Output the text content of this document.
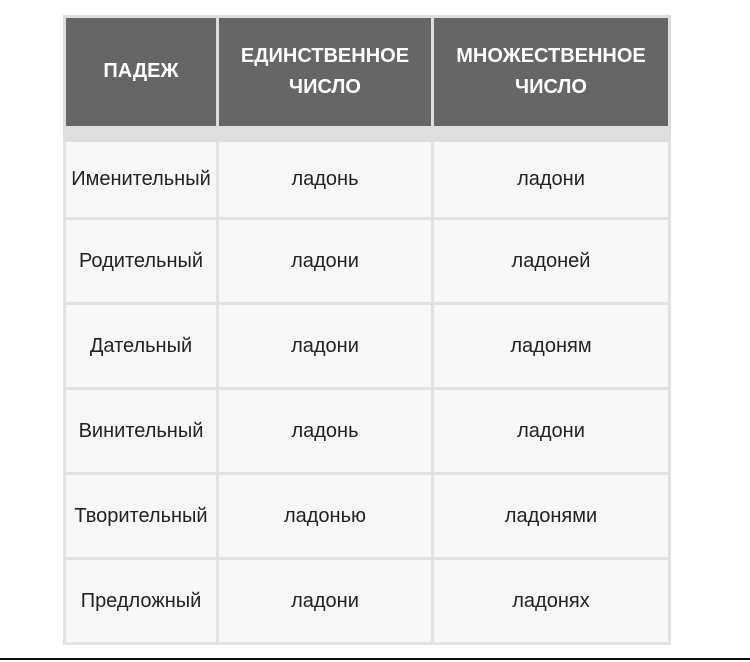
ПАДЕЖ	ЕДИНСТВЕННОЕ ЧИСЛО	МНОЖЕСТВЕННОЕ ЧИСЛО
Именительный	ладонь	ладони
Родительный	ладони	ладоней
Дательный	ладони	ладоням
Винительный	ладонь	ладони
Творительный	ладонью	ладонями
Предложный	ладони	ладонях
